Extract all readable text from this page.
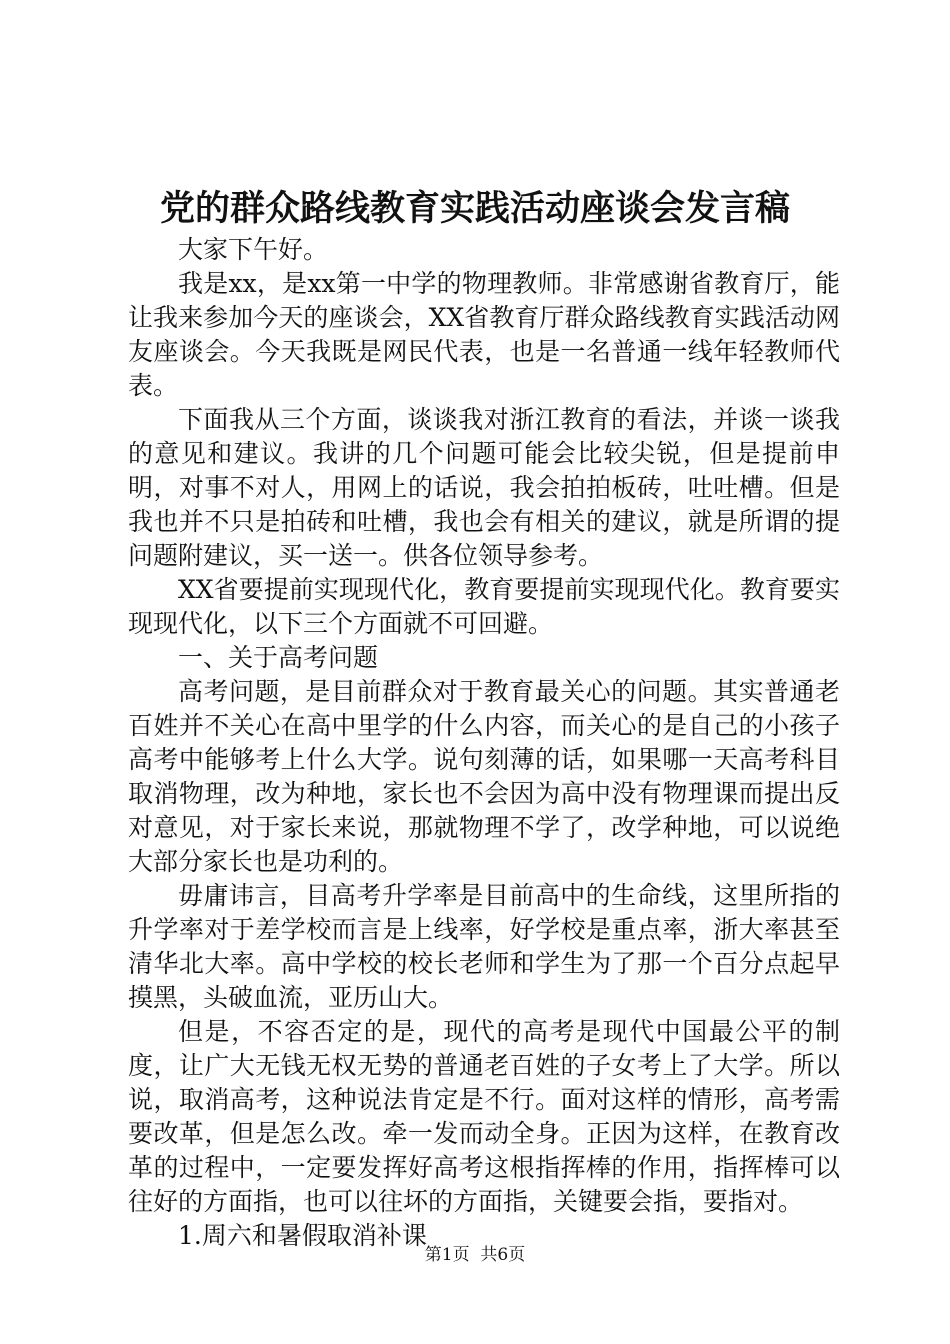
党的群众路线教育实践活动座谈会发言稿

大家下午好。

我是xx，是xx第一中学的物理教师。非常感谢省教育厅，能让我来参加今天的座谈会，XX省教育厅群众路线教育实践活动网友座谈会。今天我既是网民代表，也是一名普通一线年轻教师代表。

下面我从三个方面，谈谈我对浙江教育的看法，并谈一谈我的意见和建议。我讲的几个问题可能会比较尖锐，但是提前申明，对事不对人，用网上的话说，我会拍拍板砖，吐吐槽。但是我也并不只是拍砖和吐槽，我也会有相关的建议，就是所谓的提问题附建议，买一送一。供各位领导参考。

XX省要提前实现现代化，教育要提前实现现代化。教育要实现现代化，以下三个方面就不可回避。

一、关于高考问题

高考问题，是目前群众对于教育最关心的问题。其实普通老百姓并不关心在高中里学的什么内容，而关心的是自己的小孩子高考中能够考上什么大学。说句刻薄的话，如果哪一天高考科目取消物理，改为种地，家长也不会因为高中没有物理课而提出反对意见，对于家长来说，那就物理不学了，改学种地，可以说绝大部分家长也是功利的。

毋庸讳言，目高考升学率是目前高中的生命线，这里所指的升学率对于差学校而言是上线率，好学校是重点率，浙大率甚至清华北大率。高中学校的校长老师和学生为了那一个百分点起早摸黑，头破血流，亚历山大。

但是，不容否定的是，现代的高考是现代中国最公平的制度，让广大无钱无权无势的普通老百姓的子女考上了大学。所以说，取消高考，这种说法肯定是不行。面对这样的情形，高考需要改革，但是怎么改。牵一发而动全身。正因为这样，在教育改革的过程中，一定要发挥好高考这根指挥棒的作用，指挥棒可以往好的方面指，也可以往坏的方面指，关键要会指，要指对。

1.周六和暑假取消补课

第1页 共6页
